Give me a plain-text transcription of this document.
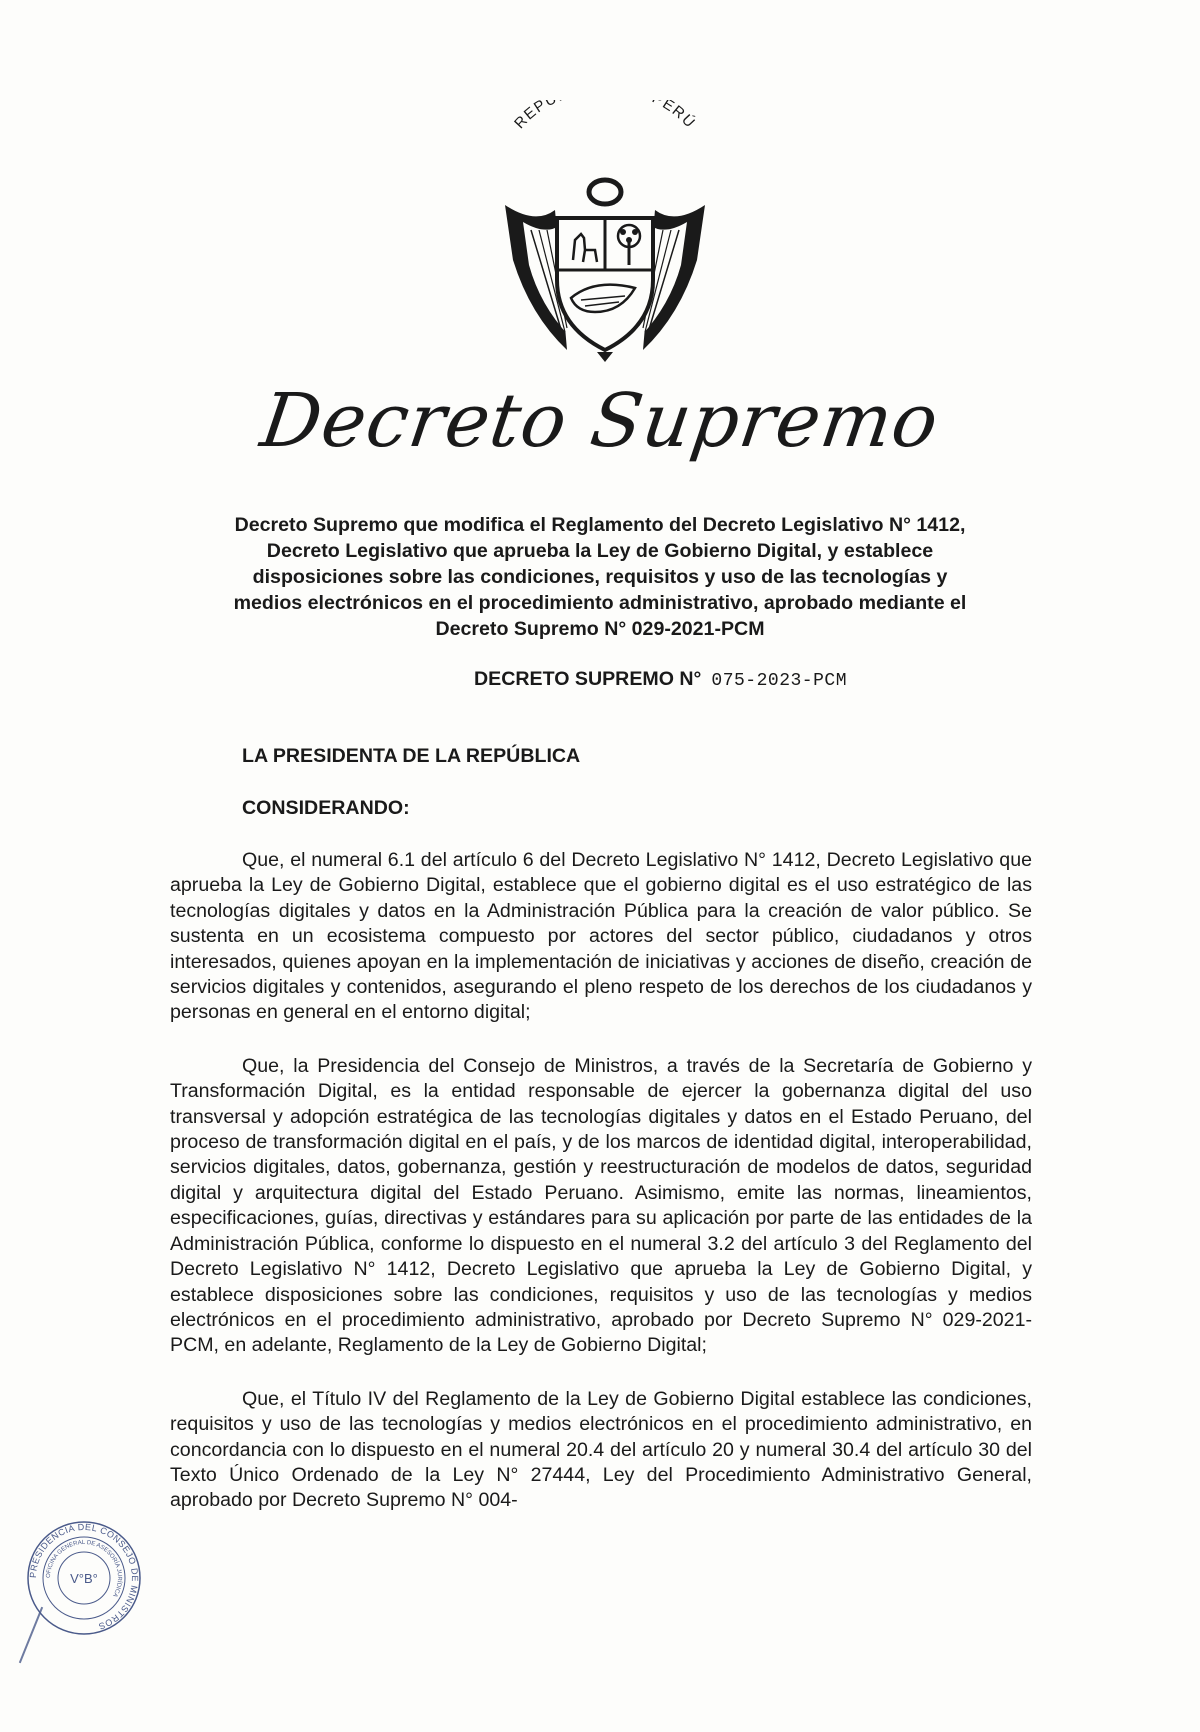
REP ERÚ
Decreto Supremo
Decreto Supremo que modifica el Reglamento del Decreto Legislativo N° 1412,
Decreto Legislativo que aprueba la Ley de Gobierno Digital, y establece
disposiciones sobre las condiciones, requisitos y uso de las tecnologías y
medios electrónicos en el procedimiento administrativo, aprobado mediante el
Decreto Supremo N° 029-2021-PCM
DECRETO SUPREMO N° 075-2023-PCM
LA PRESIDENTA DE LA REPÚBLICA
CONSIDERANDO:

Que, el numeral 6.1 del artículo 6 del Decreto Legislativo N° 1412, Decreto Legislativo que aprueba la Ley de Gobierno Digital, establece que el gobierno digital es el uso estratégico de las tecnologías digitales y datos en la Administración Pública para la creación de valor público. Se sustenta en un ecosistema compuesto por actores del sector público, ciudadanos y otros interesados, quienes apoyan en la implementación de iniciativas y acciones de diseño, creación de servicios digitales y contenidos, asegurando el pleno respeto de los derechos de los ciudadanos y personas en general en el entorno digital;

Que, la Presidencia del Consejo de Ministros, a través de la Secretaría de Gobierno y Transformación Digital, es la entidad responsable de ejercer la gobernanza digital del uso transversal y adopción estratégica de las tecnologías digitales y datos en el Estado Peruano, del proceso de transformación digital en el país, y de los marcos de identidad digital, interoperabilidad, servicios digitales, datos, gobernanza, gestión y reestructuración de modelos de datos, seguridad digital y arquitectura digital del Estado Peruano. Asimismo, emite las normas, lineamientos, especificaciones, guías, directivas y estándares para su aplicación por parte de las entidades de la Administración Pública, conforme lo dispuesto en el numeral 3.2 del artículo 3 del Reglamento del Decreto Legislativo N° 1412, Decreto Legislativo que aprueba la Ley de Gobierno Digital, y establece disposiciones sobre las condiciones, requisitos y uso de las tecnologías y medios electrónicos en el procedimiento administrativo, aprobado por Decreto Supremo N° 029-2021-PCM, en adelante, Reglamento de la Ley de Gobierno Digital;

Que, el Título IV del Reglamento de la Ley de Gobierno Digital establece las condiciones, requisitos y uso de las tecnologías y medios electrónicos en el procedimiento administrativo, en concordancia con lo dispuesto en el numeral 20.4 del artículo 20 y numeral 30.4 del artículo 30 del Texto Único Ordenado de la Ley N° 27444, Ley del Procedimiento Administrativo General, aprobado por Decreto Supremo N° 004-

PRESIDENCIA DEL CONSEJO DE MINISTROS
OFICINA GENERAL DE ASESORÍA JURÍDICA
V°B°
